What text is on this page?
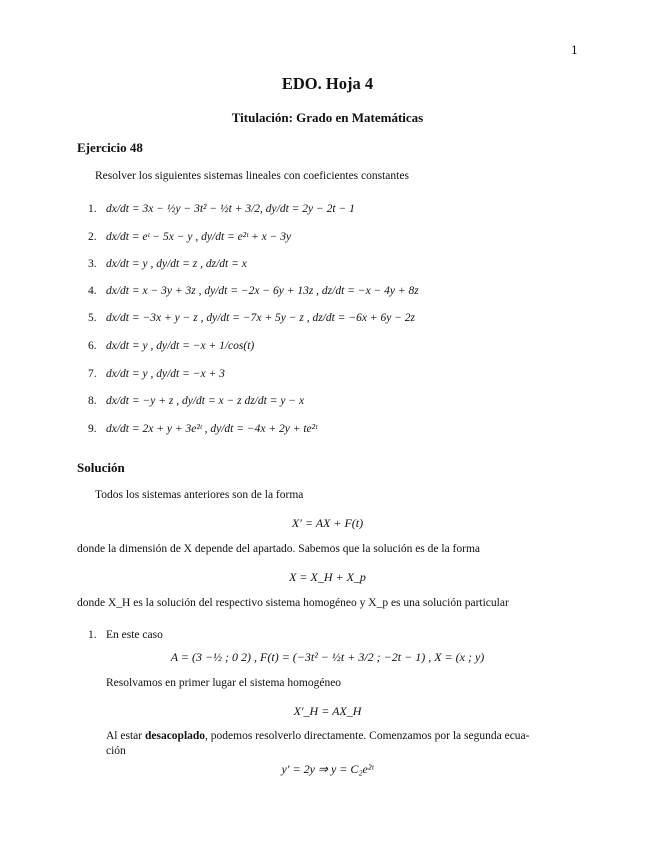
1
EDO. Hoja 4
Titulación: Grado en Matemáticas
Ejercicio 48
Resolver los siguientes sistemas lineales con coeficientes constantes
1. dx/dt = 3x − ½y − 3t² − ½t + 3/2, dy/dt = 2y − 2t − 1
2. dx/dt = eᵗ − 5x − y , dy/dt = e²ᵗ + x − 3y
3. dx/dt = y , dy/dt = z , dz/dt = x
4. dx/dt = x − 3y + 3z , dy/dt = −2x − 6y + 13z , dz/dt = −x − 4y + 8z
5. dx/dt = −3x + y − z , dy/dt = −7x + 5y − z , dz/dt = −6x + 6y − 2z
6. dx/dt = y , dy/dt = −x + 1/cos(t)
7. dx/dt = y , dy/dt = −x + 3
8. dx/dt = −y + z , dy/dt = x − z dz/dt = y − x
9. dx/dt = 2x + y + 3e²ᵗ , dy/dt = −4x + 2y + te²ᵗ
Solución
Todos los sistemas anteriores son de la forma
X′ = AX + F(t)
donde la dimensión de X depende del apartado. Sabemos que la solución es de la forma
X = X_H + X_p
donde X_H es la solución del respectivo sistema homogéneo y X_p es una solución particular
1. En este caso
A = (3 −½ ; 0 2) , F(t) = (−3t² − ½t + 3/2 ; −2t − 1) , X = (x ; y)
Resolvamos en primer lugar el sistema homogéneo
X′_H = AX_H
Al estar desacoplado, podemos resolverlo directamente. Comenzamos por la segunda ecua-
ción
y′ = 2y ⇒ y = C₂e²ᵗ
